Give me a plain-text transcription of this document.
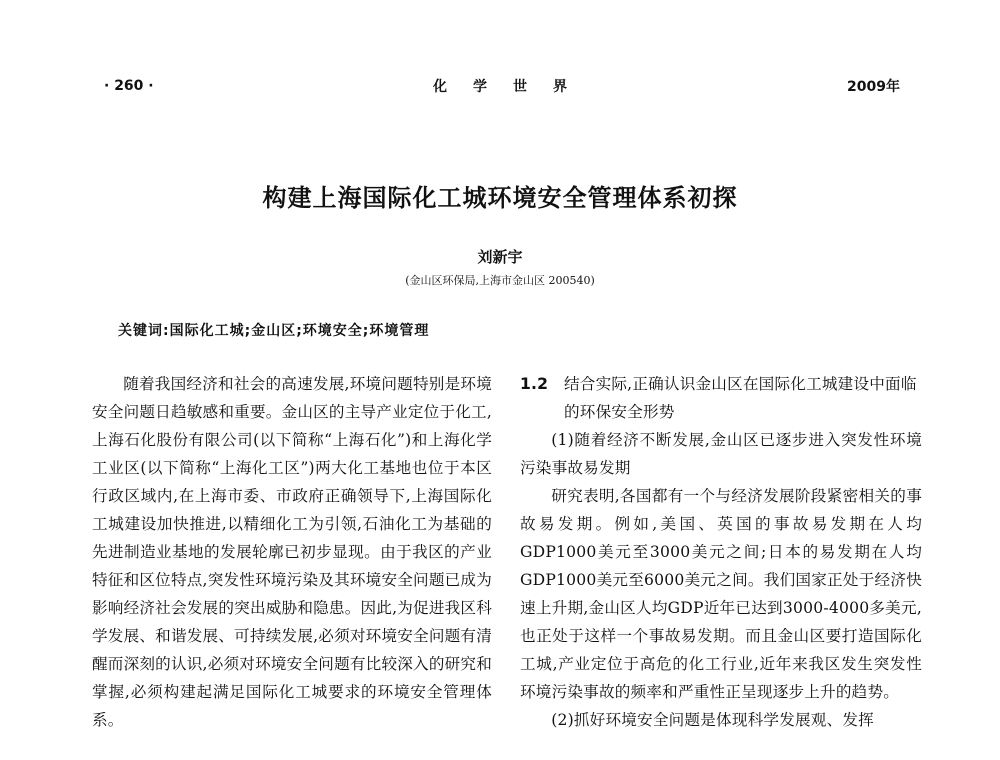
· 260 ·	化学世界	2009年
构建上海国际化工城环境安全管理体系初探
刘新宇
(金山区环保局,上海市金山区 200540)
关键词:国际化工城;金山区;环境安全;环境管理

随着我国经济和社会的高速发展,环境问题特别是环境安全问题日趋敏感和重要。金山区的主导产业定位于化工,上海石化股份有限公司(以下简称“上海石化”)和上海化学工业区(以下简称“上海化工区”)两大化工基地也位于本区行政区域内,在上海市委、市政府正确领导下,上海国际化工城建设加快推进,以精细化工为引领,石油化工为基础的先进制造业基地的发展轮廓已初步显现。由于我区的产业特征和区位特点,突发性环境污染及其环境安全问题已成为影响经济社会发展的突出威胁和隐患。因此,为促进我区科学发展、和谐发展、可持续发展,必须对环境安全问题有清醒而深刻的认识,必须对环境安全问题有比较深入的研究和掌握,必须构建起满足国际化工城要求的环境安全管理体系。

1.2	结合实际,正确认识金山区在国际化工城建设中面临的环保安全形势

(1)随着经济不断发展,金山区已逐步进入突发性环境污染事故易发期

研究表明,各国都有一个与经济发展阶段紧密相关的事故易发期。例如,美国、英国的事故易发期在人均GDP1000美元至3000美元之间;日本的易发期在人均GDP1000美元至6000美元之间。我们国家正处于经济快速上升期,金山区人均GDP近年已达到3000-4000多美元,也正处于这样一个事故易发期。而且金山区要打造国际化工城,产业定位于高危的化工行业,近年来我区发生突发性环境污染事故的频率和严重性正呈现逐步上升的趋势。

(2)抓好环境安全问题是体现科学发展观、发挥
